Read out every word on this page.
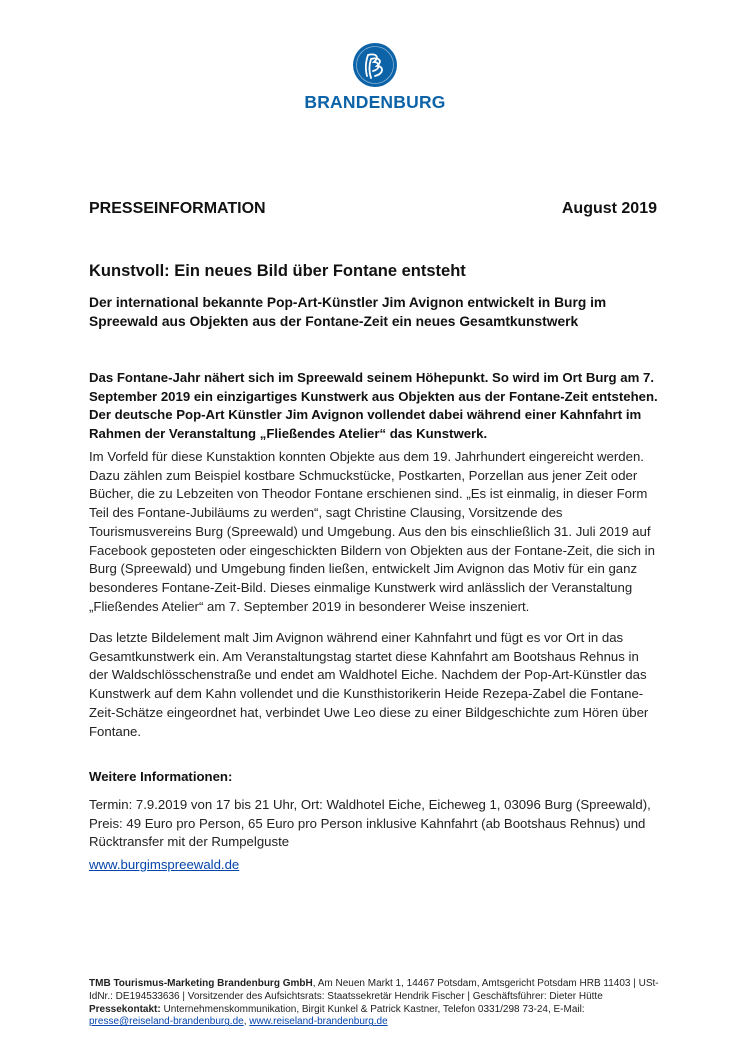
BRANDENBURG
PRESSEINFORMATION	August 2019
Kunstvoll: Ein neues Bild über Fontane entsteht

Der international bekannte Pop-Art-Künstler Jim Avignon entwickelt in Burg im Spreewald aus Objekten aus der Fontane-Zeit ein neues Gesamtkunstwerk

Das Fontane-Jahr nähert sich im Spreewald seinem Höhepunkt. So wird im Ort Burg am 7. September 2019 ein einzigartiges Kunstwerk aus Objekten aus der Fontane-Zeit entstehen. Der deutsche Pop-Art Künstler Jim Avignon vollendet dabei während einer Kahnfahrt im Rahmen der Veranstaltung „Fließendes Atelier“ das Kunstwerk.

Im Vorfeld für diese Kunstaktion konnten Objekte aus dem 19. Jahrhundert eingereicht werden. Dazu zählen zum Beispiel kostbare Schmuckstücke, Postkarten, Porzellan aus jener Zeit oder Bücher, die zu Lebzeiten von Theodor Fontane erschienen sind. „Es ist einmalig, in dieser Form Teil des Fontane-Jubiläums zu werden“, sagt Christine Clausing, Vorsitzende des Tourismusvereins Burg (Spreewald) und Umgebung. Aus den bis einschließlich 31. Juli 2019 auf Facebook geposteten oder eingeschickten Bildern von Objekten aus der Fontane-Zeit, die sich in Burg (Spreewald) und Umgebung finden ließen, entwickelt Jim Avignon das Motiv für ein ganz besonderes Fontane-Zeit-Bild. Dieses einmalige Kunstwerk wird anlässlich der Veranstaltung „Fließendes Atelier“ am 7. September 2019 in besonderer Weise inszeniert.

Das letzte Bildelement malt Jim Avignon während einer Kahnfahrt und fügt es vor Ort in das Gesamtkunstwerk ein. Am Veranstaltungstag startet diese Kahnfahrt am Bootshaus Rehnus in der Waldschlösschenstraße und endet am Waldhotel Eiche. Nachdem der Pop-Art-Künstler das Kunstwerk auf dem Kahn vollendet und die Kunsthistorikerin Heide Rezepa-Zabel die Fontane-Zeit-Schätze eingeordnet hat, verbindet Uwe Leo diese zu einer Bildgeschichte zum Hören über Fontane.

Weitere Informationen:

Termin: 7.9.2019 von 17 bis 21 Uhr, Ort: Waldhotel Eiche, Eicheweg 1, 03096 Burg (Spreewald), Preis: 49 Euro pro Person, 65 Euro pro Person inklusive Kahnfahrt (ab Bootshaus Rehnus) und Rücktransfer mit der Rumpelguste

www.burgimspreewald.de

TMB Tourismus-Marketing Brandenburg GmbH, Am Neuen Markt 1, 14467 Potsdam, Amtsgericht Potsdam HRB 11403 | USt-IdNr.: DE194533636 | Vorsitzender des Aufsichtsrats: Staatssekretär Hendrik Fischer | Geschäftsführer: Dieter Hütte Pressekontakt: Unternehmenskommunikation, Birgit Kunkel & Patrick Kastner, Telefon 0331/298 73-24, E-Mail: presse@reiseland-brandenburg.de, www.reiseland-brandenburg.de
